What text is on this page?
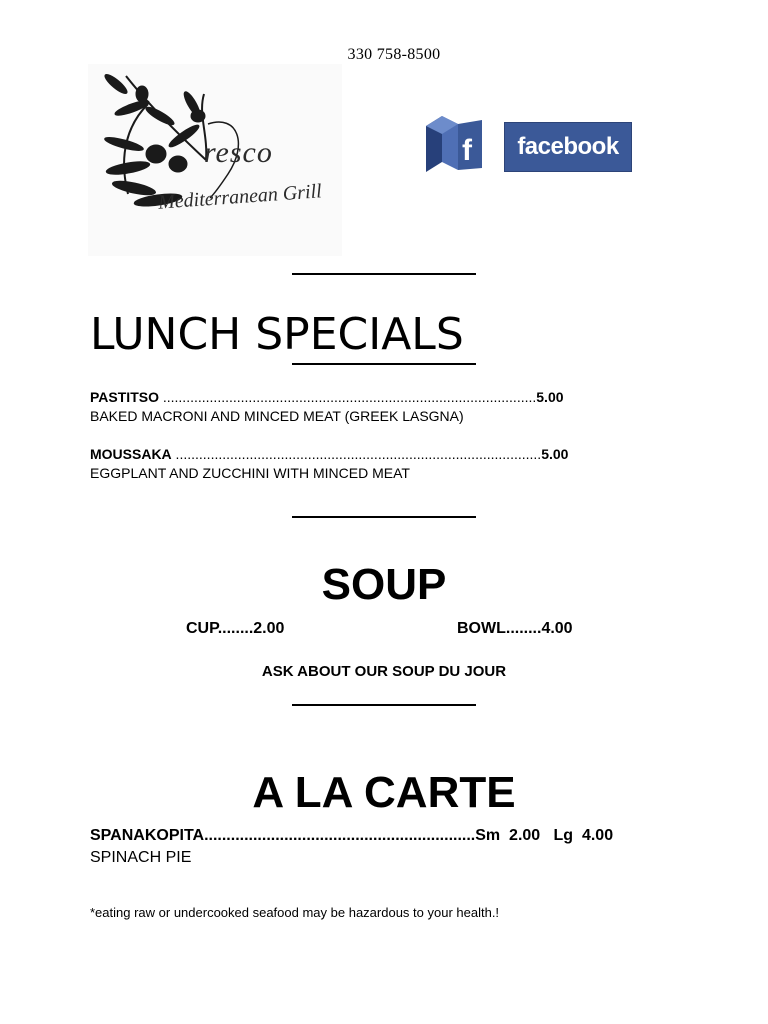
330 758-8500
resco
Mediterranean Grill
f	facebook
LUNCH SPECIALS
PASTITSO ................................................................................................5.00
BAKED MACRONI AND MINCED MEAT (GREEK LASGNA)
MOUSSAKA ..............................................................................................5.00
EGGPLANT AND ZUCCHINI WITH MINCED MEAT
SOUP
CUP........2.00	BOWL........4.00
ASK ABOUT OUR SOUP DU JOUR
A LA CARTE
SPANAKOPITA.............................................................Sm  2.00   Lg  4.00
SPINACH PIE
*eating raw or undercooked seafood may be hazardous to your health.!
